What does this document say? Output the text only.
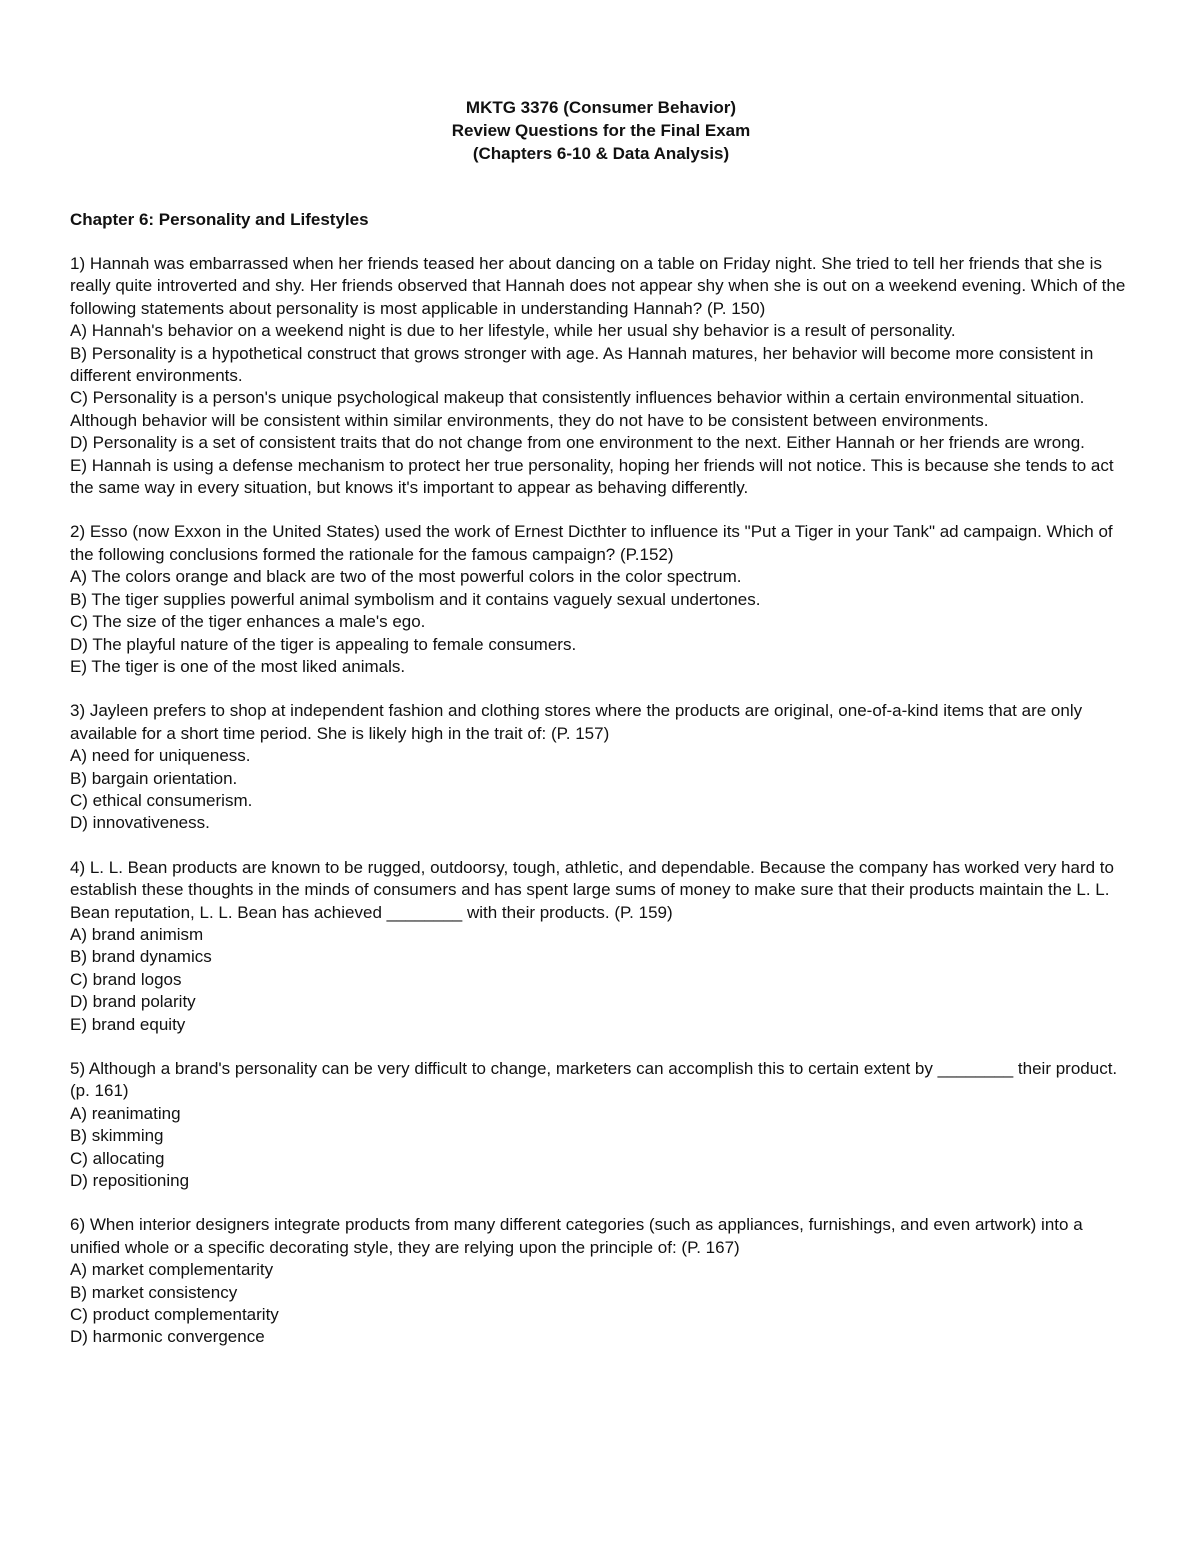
MKTG 3376 (Consumer Behavior)
Review Questions for the Final Exam
(Chapters 6-10 & Data Analysis)
Chapter 6: Personality and Lifestyles
1) Hannah was embarrassed when her friends teased her about dancing on a table on Friday night. She tried to tell her friends that she is really quite introverted and shy. Her friends observed that Hannah does not appear shy when she is out on a weekend evening. Which of the following statements about personality is most applicable in understanding Hannah? (P. 150)
A) Hannah's behavior on a weekend night is due to her lifestyle, while her usual shy behavior is a result of personality.
B) Personality is a hypothetical construct that grows stronger with age. As Hannah matures, her behavior will become more consistent in different environments.
C) Personality is a person's unique psychological makeup that consistently influences behavior within a certain environmental situation. Although behavior will be consistent within similar environments, they do not have to be consistent between environments.
D) Personality is a set of consistent traits that do not change from one environment to the next. Either Hannah or her friends are wrong.
E) Hannah is using a defense mechanism to protect her true personality, hoping her friends will not notice. This is because she tends to act the same way in every situation, but knows it's important to appear as behaving differently.
2) Esso (now Exxon in the United States) used the work of Ernest Dicthter to influence its "Put a Tiger in your Tank" ad campaign. Which of the following conclusions formed the rationale for the famous campaign? (P.152)
A) The colors orange and black are two of the most powerful colors in the color spectrum.
B) The tiger supplies powerful animal symbolism and it contains vaguely sexual undertones.
C) The size of the tiger enhances a male's ego.
D) The playful nature of the tiger is appealing to female consumers.
E) The tiger is one of the most liked animals.
3) Jayleen prefers to shop at independent fashion and clothing stores where the products are original, one-of-a-kind items that are only available for a short time period. She is likely high in the trait of: (P. 157)
A) need for uniqueness.
B) bargain orientation.
C) ethical consumerism.
D) innovativeness.
4) L. L. Bean products are known to be rugged, outdoorsy, tough, athletic, and dependable. Because the company has worked very hard to establish these thoughts in the minds of consumers and has spent large sums of money to make sure that their products maintain the L. L. Bean reputation, L. L. Bean has achieved ________ with their products. (P. 159)
A) brand animism
B) brand dynamics
C) brand logos
D) brand polarity
E) brand equity
5) Although a brand's personality can be very difficult to change, marketers can accomplish this to certain extent by ________ their product. (p. 161)
A) reanimating
B) skimming
C) allocating
D) repositioning
6) When interior designers integrate products from many different categories (such as appliances, furnishings, and even artwork) into a unified whole or a specific decorating style, they are relying upon the principle of: (P. 167)
A) market complementarity
B) market consistency
C) product complementarity
D) harmonic convergence
